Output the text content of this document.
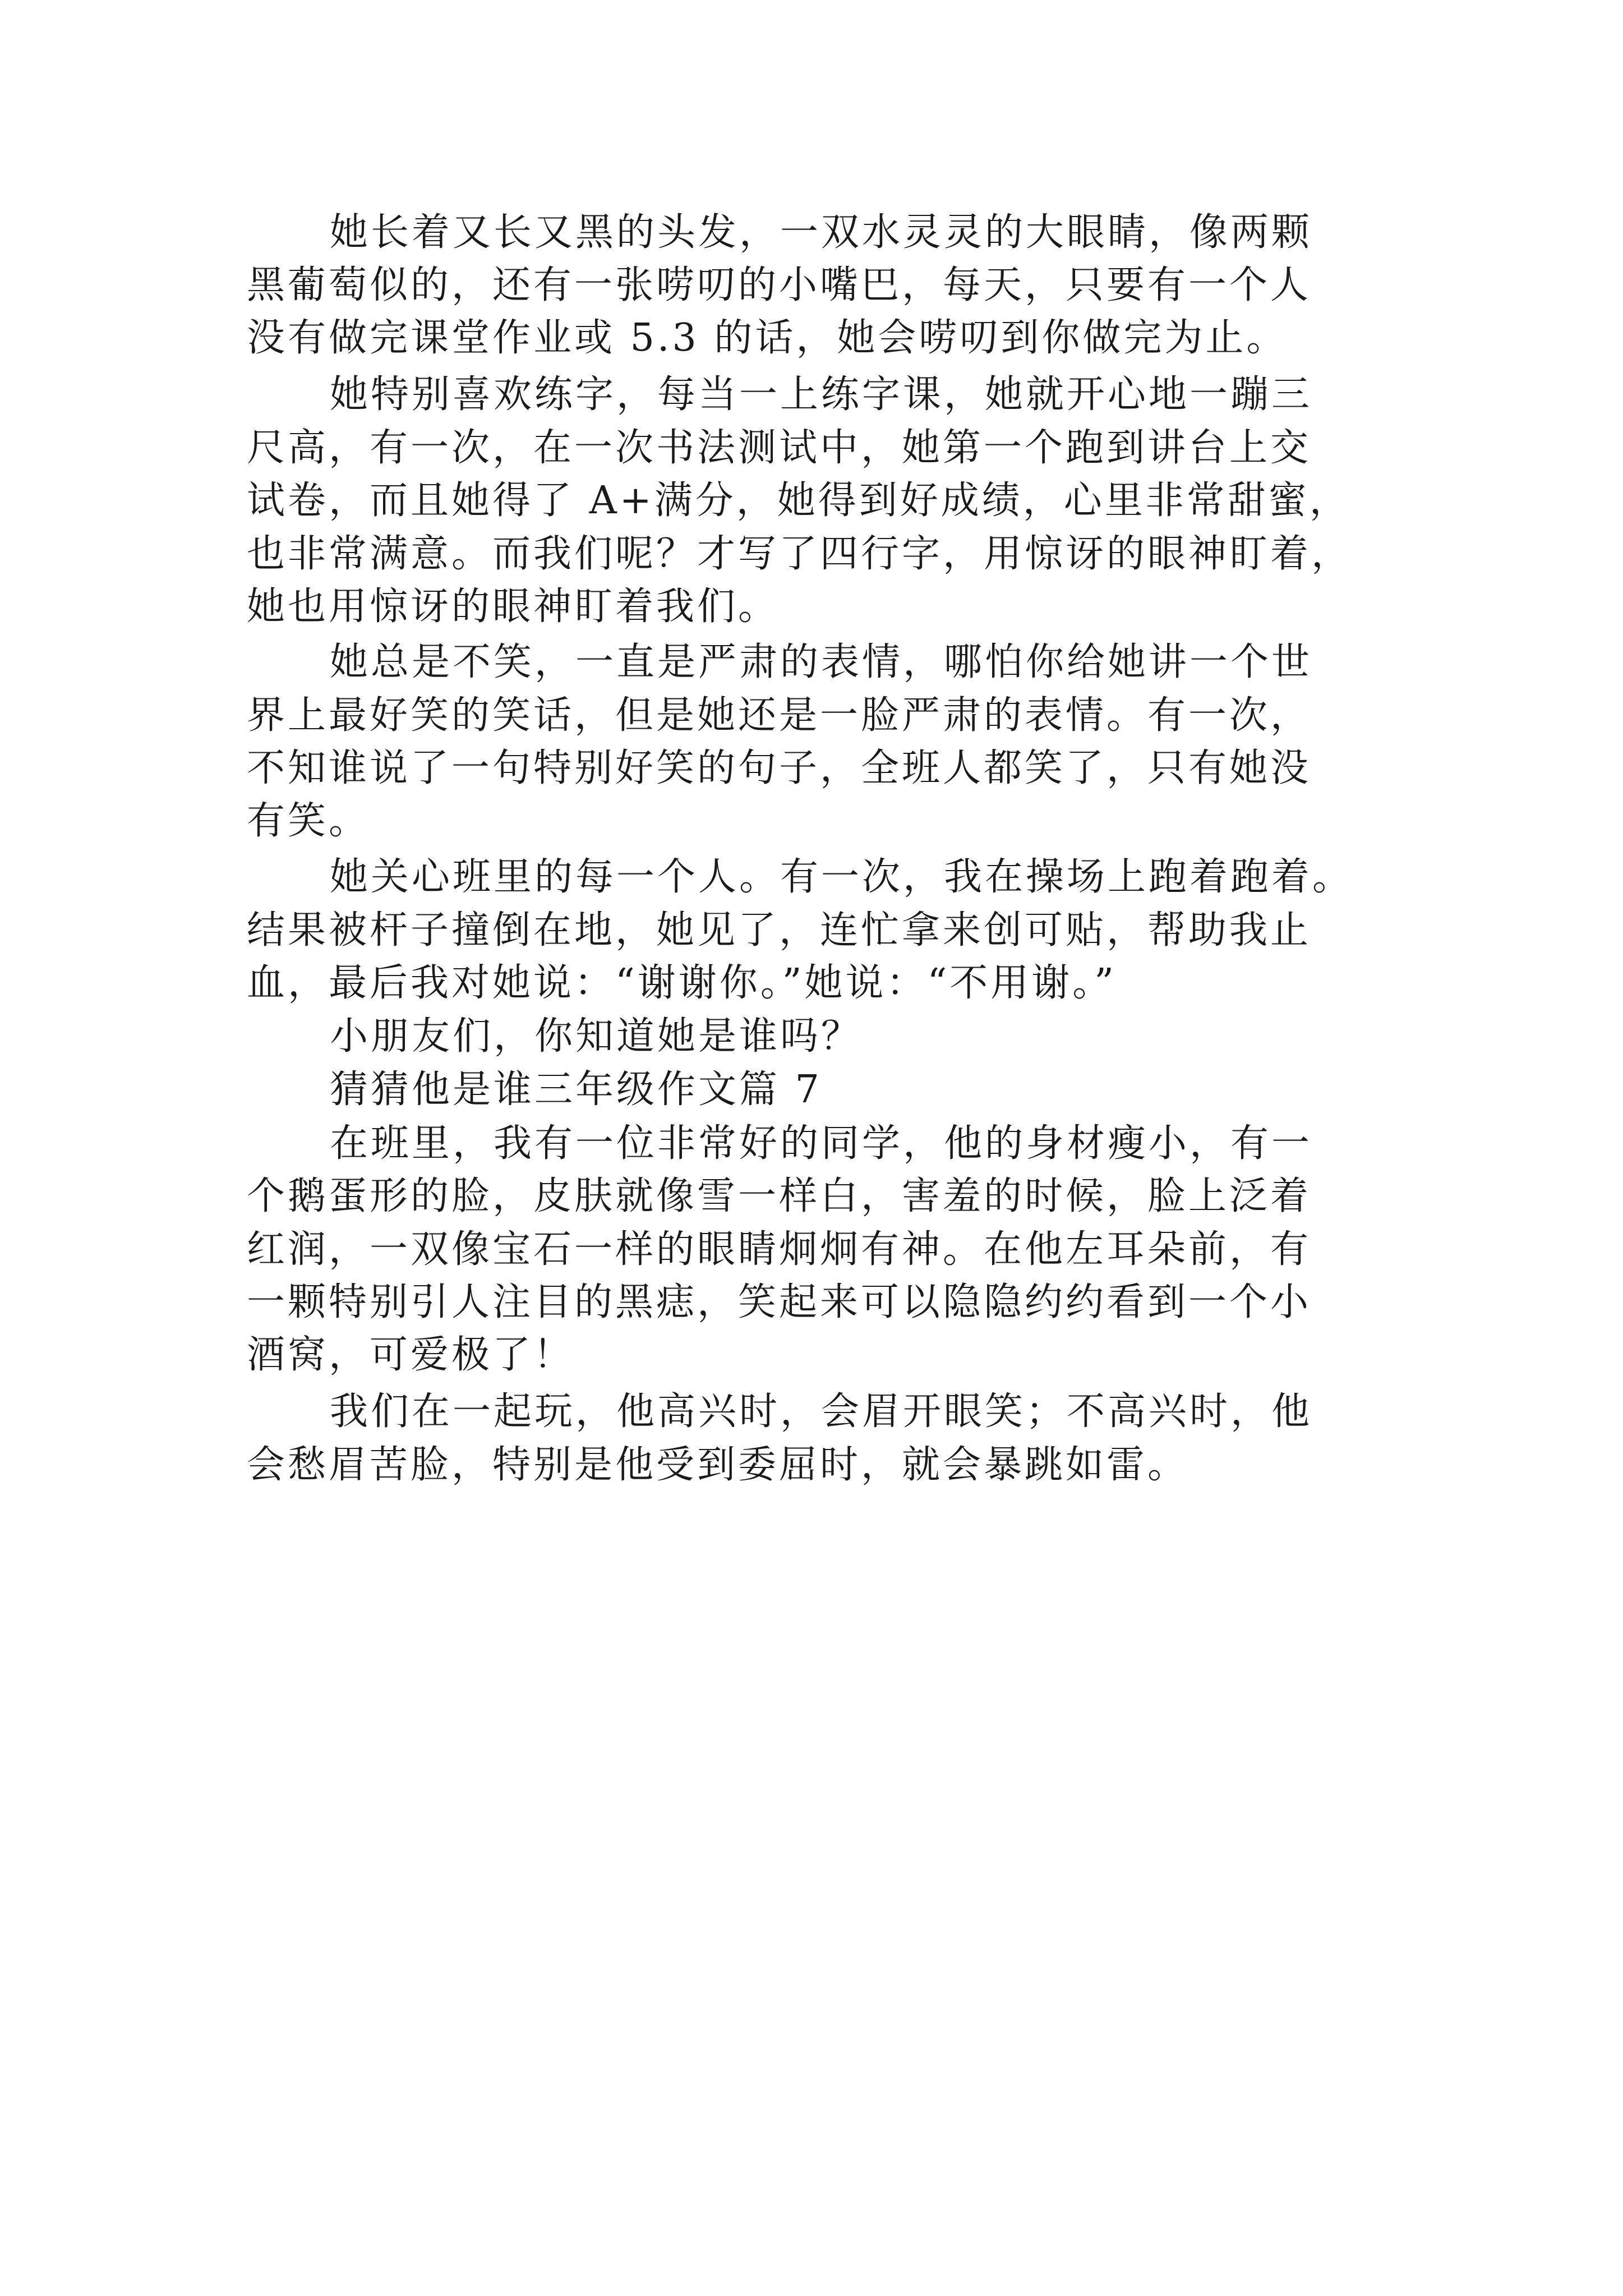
她长着又长又黑的头发，一双水灵灵的大眼睛，像两颗
黑葡萄似的，还有一张唠叨的小嘴巴，每天，只要有一个人
没有做完课堂作业或 5.3 的话，她会唠叨到你做完为止。
她特别喜欢练字，每当一上练字课，她就开心地一蹦三
尺高，有一次，在一次书法测试中，她第一个跑到讲台上交
试卷，而且她得了 A+满分，她得到好成绩，心里非常甜蜜，
也非常满意。而我们呢？才写了四行字，用惊讶的眼神盯着，
她也用惊讶的眼神盯着我们。
她总是不笑，一直是严肃的表情，哪怕你给她讲一个世
界上最好笑的笑话，但是她还是一脸严肃的表情。有一次，
不知谁说了一句特别好笑的句子，全班人都笑了，只有她没
有笑。
她关心班里的每一个人。有一次，我在操场上跑着跑着。
结果被杆子撞倒在地，她见了，连忙拿来创可贴，帮助我止
血，最后我对她说：“谢谢你。”她说：“不用谢。”
小朋友们，你知道她是谁吗？
猜猜他是谁三年级作文篇 7
在班里，我有一位非常好的同学，他的身材瘦小，有一
个鹅蛋形的脸，皮肤就像雪一样白，害羞的时候，脸上泛着
红润，一双像宝石一样的眼睛炯炯有神。在他左耳朵前，有
一颗特别引人注目的黑痣，笑起来可以隐隐约约看到一个小
酒窝，可爱极了！
我们在一起玩，他高兴时，会眉开眼笑；不高兴时，他
会愁眉苦脸，特别是他受到委屈时，就会暴跳如雷。
